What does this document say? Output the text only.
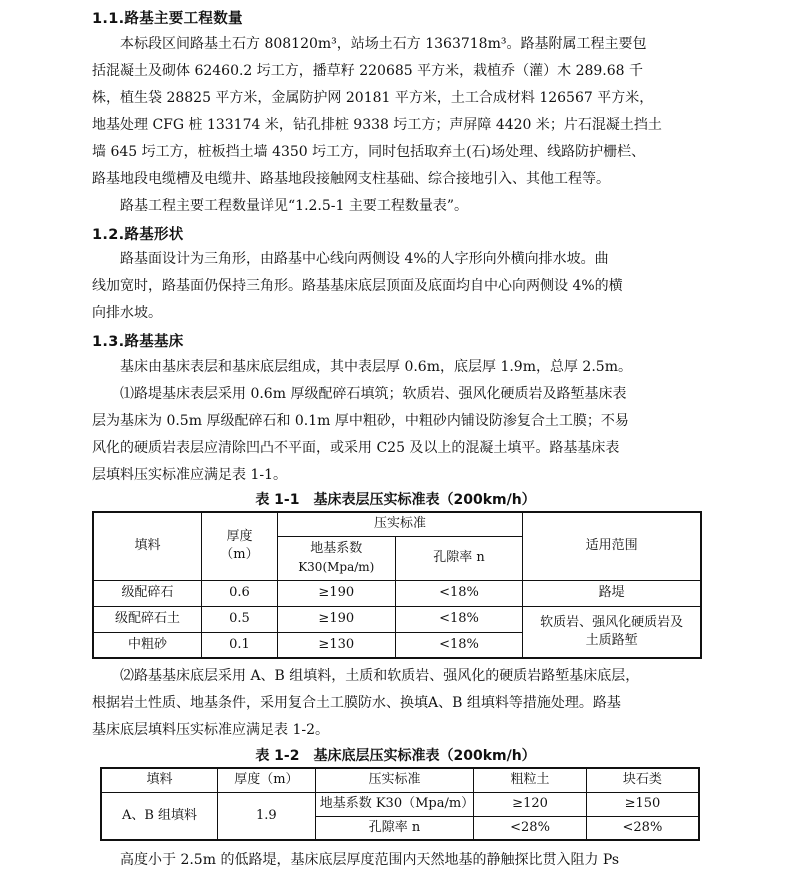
1.1.路基主要工程数量
本标段区间路基土石方 808120m³，站场土石方 1363718m³。路基附属工程主要包
括混凝土及砌体 62460.2 圬工方，播草籽 220685 平方米，栽植乔（灌）木 289.68 千
株，植生袋 28825 平方米，金属防护网 20181 平方米，土工合成材料 126567 平方米，
地基处理 CFG 桩 133174 米，钻孔排桩 9338 圬工方；声屏障 4420 米；片石混凝土挡土
墙 645 圬工方，桩板挡土墙 4350 圬工方，同时包括取弃土(石)场处理、线路防护栅栏、
路基地段电缆槽及电缆井、路基地段接触网支柱基础、综合接地引入、其他工程等。
路基工程主要工程数量详见“1.2.5-1 主要工程数量表”。
1.2.路基形状
路基面设计为三角形，由路基中心线向两侧设 4%的人字形向外横向排水坡。曲
线加宽时，路基面仍保持三角形。路基基床底层顶面及底面均自中心向两侧设 4%的横
向排水坡。
1.3.路基基床
基床由基床表层和基床底层组成，其中表层厚 0.6m，底层厚 1.9m，总厚 2.5m。
⑴路堤基床表层采用 0.6m 厚级配碎石填筑；软质岩、强风化硬质岩及路堑基床表
层为基床为 0.5m 厚级配碎石和 0.1m 厚中粗砂，中粗砂内铺设防渗复合土工膜；不易
风化的硬质岩表层应清除凹凸不平面，或采用 C25 及以上的混凝土填平。路基基床表
层填料压实标准应满足表 1-1。
表 1-1　基床表层压实标准表（200km/h）
填料	厚度
（m）	压实标准		适用范围
		地基系数
K30(Mpa/m)	孔隙率 n	
级配碎石	0.6	≥190	<18%	路堤
级配碎石土	0.5	≥190	<18%	软质岩、强风化硬质岩及
土质路堑
中粗砂	0.1	≥130	<18%	
⑵路基基床底层采用 A、B 组填料，土质和软质岩、强风化的硬质岩路堑基床底层，
根据岩土性质、地基条件，采用复合土工膜防水、换填A、B 组填料等措施处理。路基
基床底层填料压实标准应满足表 1-2。
表 1-2　基床底层压实标准表（200km/h）
填料	厚度（m）	压实标准	粗粒土	块石类
A、B 组填料	1.9	地基系数 K30（Mpa/m）	≥120	≥150
		孔隙率 n	<28%	<28%
高度小于 2.5m 的低路堤，基床底层厚度范围内天然地基的静触探比贯入阻力 Ps
